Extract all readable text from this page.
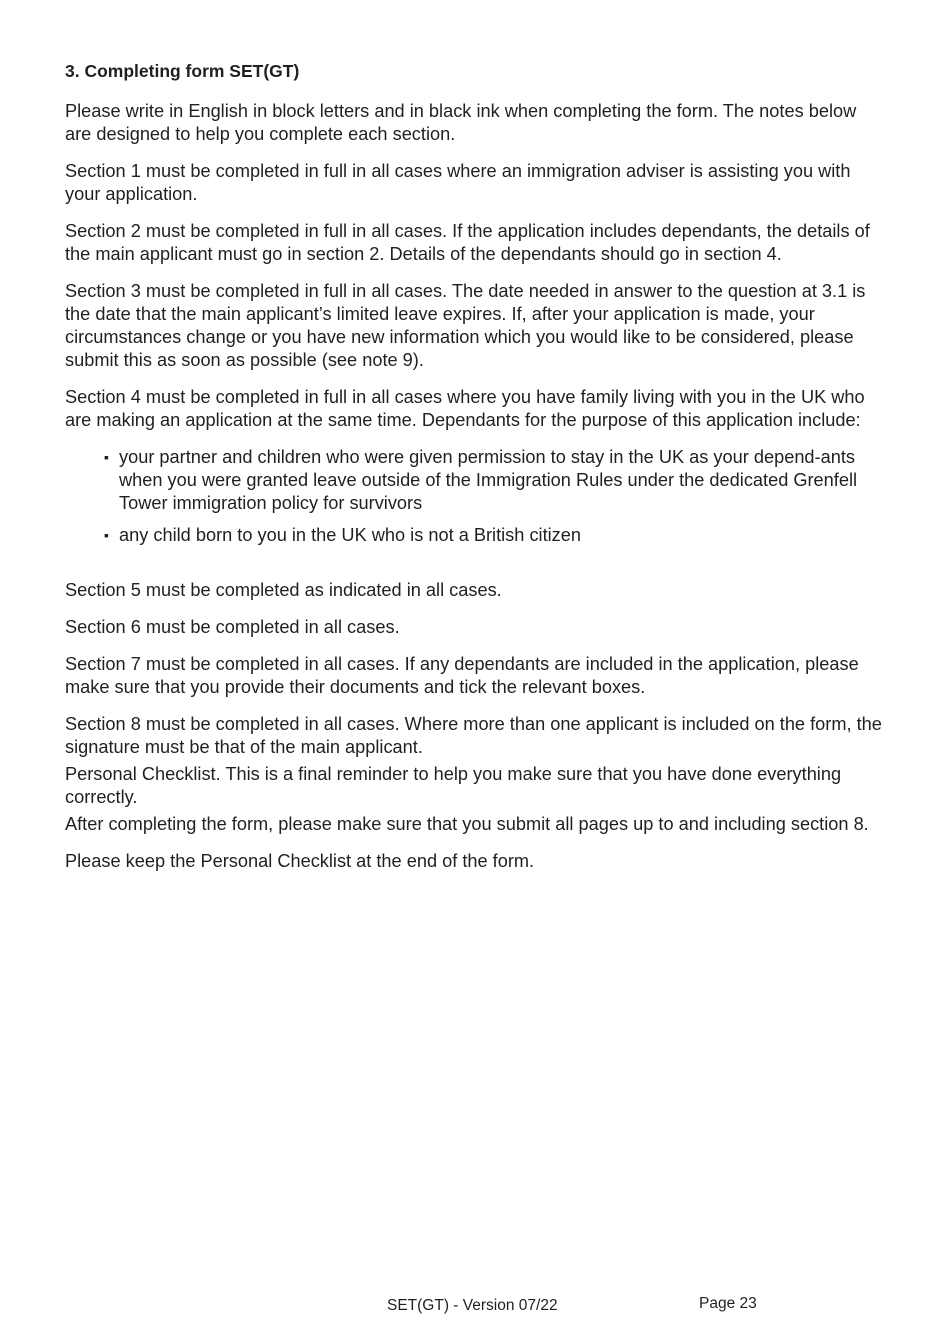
3. Completing form SET(GT)

Please write in English in block letters and in black ink when completing the form. The notes below are designed to help you complete each section.

Section 1 must be completed in full in all cases where an immigration adviser is assisting you with your application.

Section 2 must be completed in full in all cases. If the application includes dependants, the details of the main applicant must go in section 2. Details of the dependants should go in section 4.

Section 3 must be completed in full in all cases. The date needed in answer to the question at 3.1 is the date that the main applicant’s limited leave expires. If, after your application is made, your circumstances change or you have new information which you would like to be considered, please submit this as soon as possible (see note 9).

Section 4 must be completed in full in all cases where you have family living with you in the UK who are making an application at the same time. Dependants for the purpose of this application include:

▪ your partner and children who were given permission to stay in the UK as your depend-ants when you were granted leave outside of the Immigration Rules under the dedicated Grenfell Tower immigration policy for survivors
▪ any child born to you in the UK who is not a British citizen

Section 5 must be completed as indicated in all cases.

Section 6 must be completed in all cases.

Section 7 must be completed in all cases. If any dependants are included in the application, please make sure that you provide their documents and tick the relevant boxes.

Section 8 must be completed in all cases. Where more than one applicant is included on the form, the signature must be that of the main applicant.

Personal Checklist. This is a final reminder to help you make sure that you have done everything correctly.

After completing the form, please make sure that you submit all pages up to and including section 8.

Please keep the Personal Checklist at the end of the form.

SET(GT) - Version 07/22	Page 23
